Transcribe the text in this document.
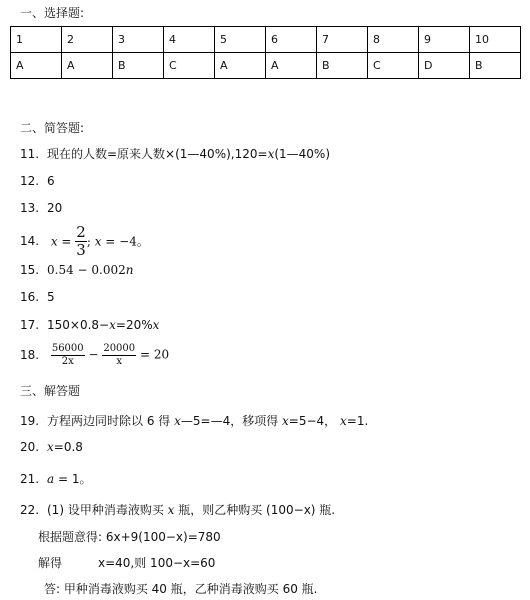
一、选择题:
1	2	3	4	5	6	7	8	9	10
A	A	B	C	A	A	B	C	D	B
二、简答题:
11. 现在的人数=原来人数×(1—40%),120=x(1—40%)
12. 6
13. 20
14. $x = \frac{2}{3}$ ; x = −4。
15. 0.54 − 0.002n
16. 5
17. 150×0.8−x=20%x
18. $\frac{56000}{2x} - \frac{20000}{x} = 20$
三、解答题
19. 方程两边同时除以 6 得 x—5=—4，移项得 x=5−4， x=1.
20. x=0.8
21. a = 1。
22. (1) 设甲种消毒液购买 x 瓶，则乙种购买 (100−x) 瓶.
根据题意得: 6x+9(100−x)=780
解得	x=40,则 100−x=60
答: 甲种消毒液购买 40 瓶，乙种消毒液购买 60 瓶.
